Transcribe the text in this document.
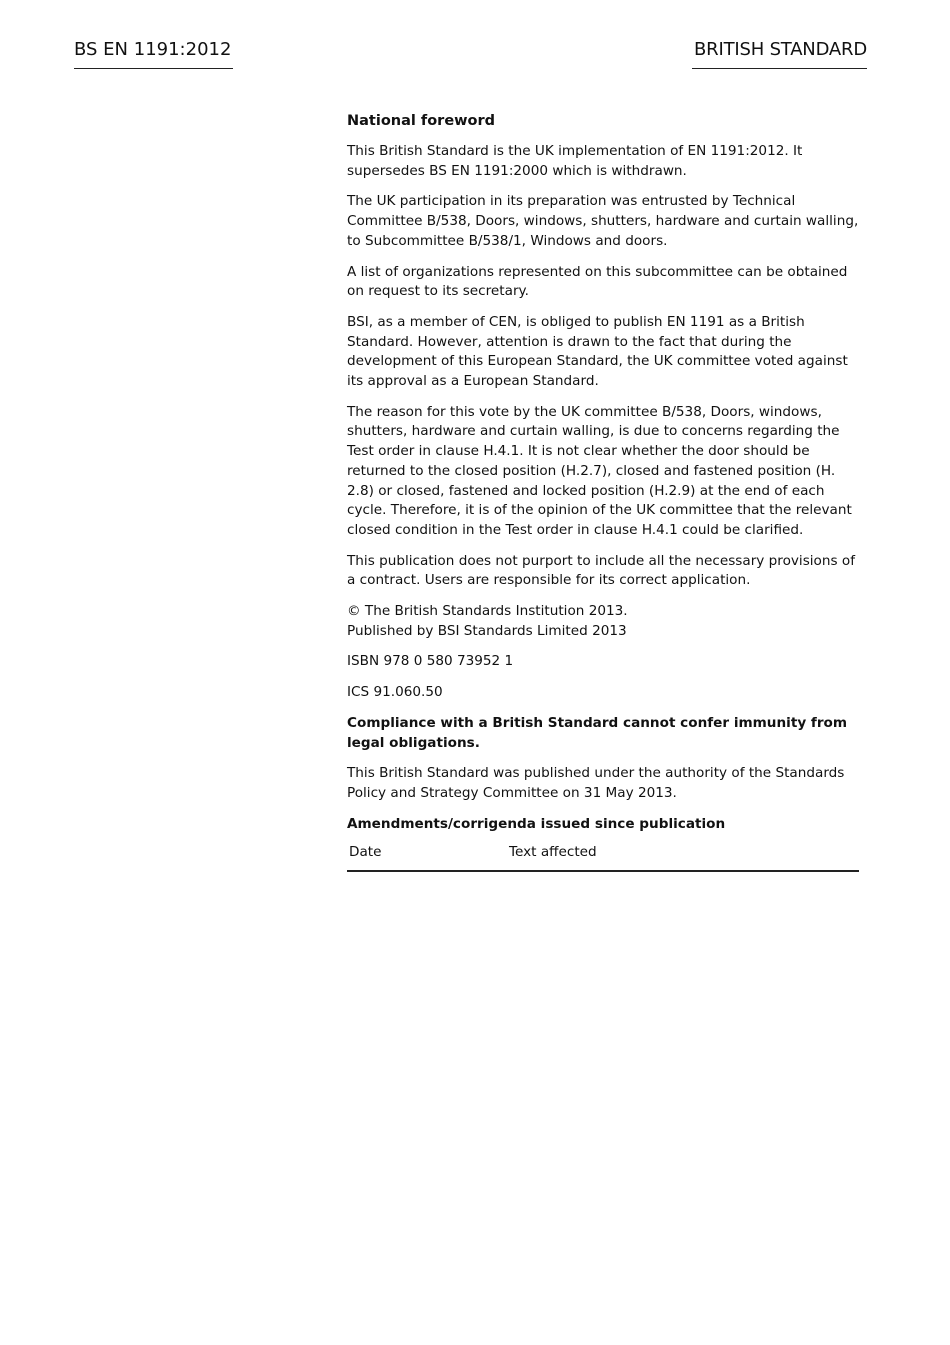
BS EN 1191:2012	BRITISH STANDARD
National foreword

This British Standard is the UK implementation of EN 1191:2012. It supersedes BS EN 1191:2000 which is withdrawn.

The UK participation in its preparation was entrusted by Technical Committee B/538, Doors, windows, shutters, hardware and curtain walling, to Subcommittee B/538/1, Windows and doors.

A list of organizations represented on this subcommittee can be obtained on request to its secretary.

BSI, as a member of CEN, is obliged to publish EN 1191 as a British Standard. However, attention is drawn to the fact that during the development of this European Standard, the UK committee voted against its approval as a European Standard.

The reason for this vote by the UK committee B/538, Doors, windows, shutters, hardware and curtain walling, is due to concerns regarding the Test order in clause H.4.1. It is not clear whether the door should be returned to the closed position (H.2.7), closed and fastened position (H. 2.8) or closed, fastened and locked position (H.2.9) at the end of each cycle. Therefore, it is of the opinion of the UK committee that the relevant closed condition in the Test order in clause H.4.1 could be clarified.

This publication does not purport to include all the necessary provisions of a contract. Users are responsible for its correct application.

© The British Standards Institution 2013.
Published by BSI Standards Limited 2013

ISBN 978 0 580 73952 1

ICS 91.060.50

Compliance with a British Standard cannot confer immunity from legal obligations.

This British Standard was published under the authority of the Standards Policy and Strategy Committee on 31 May 2013.

Amendments/corrigenda issued since publication
Date	Text affected
